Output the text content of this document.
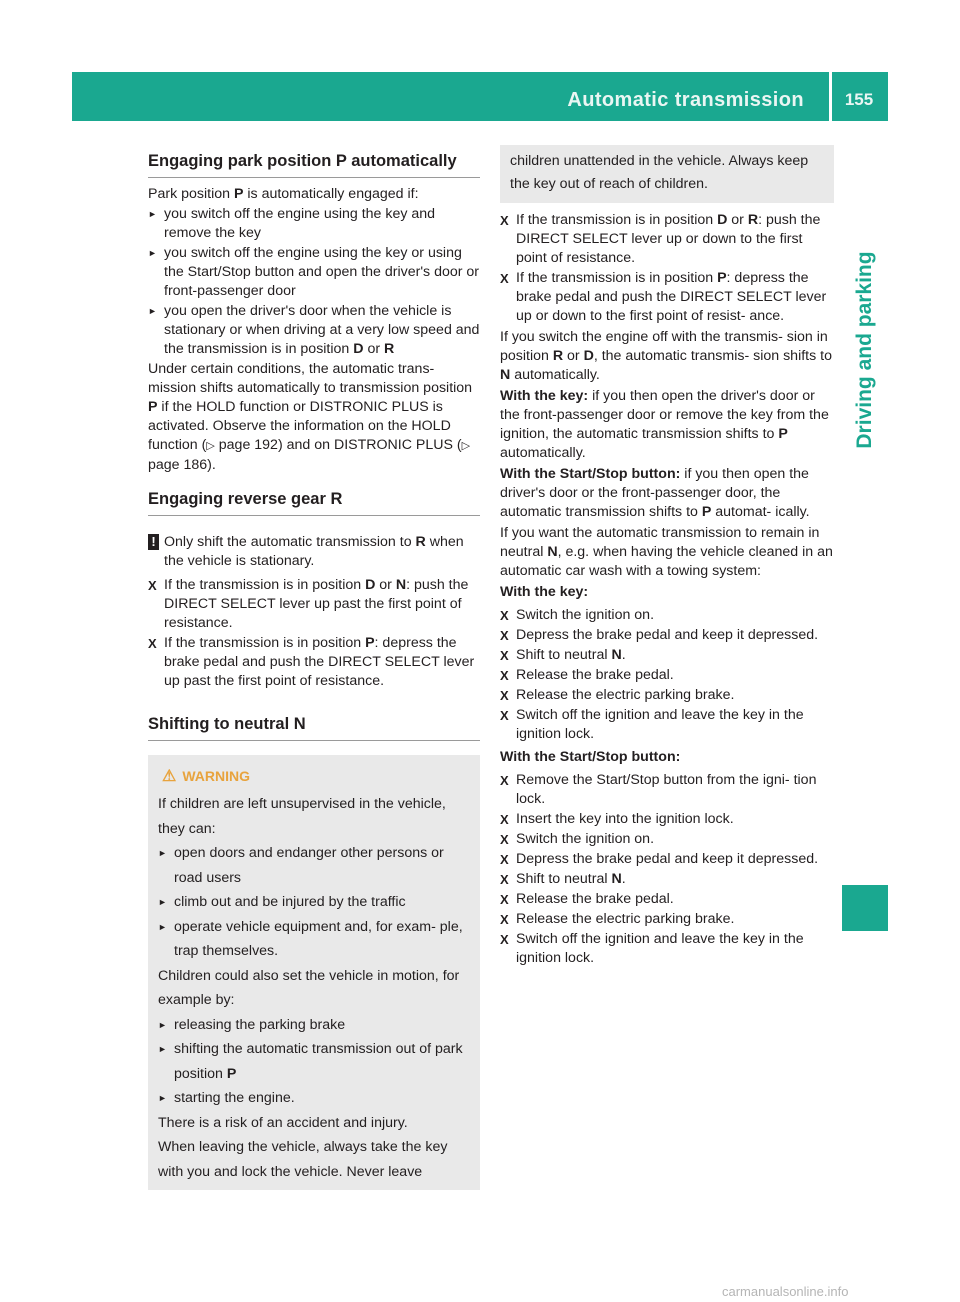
Automatic transmission	155
Driving and parking
Engaging park position P automatically
Park position P is automatically engaged if:
► you switch off the engine using the key and remove the key
► you switch off the engine using the key or using the Start/Stop button and open the driver's door or front-passenger door
► you open the driver's door when the vehicle is stationary or when driving at a very low speed and the transmission is in position D or R
Under certain conditions, the automatic trans- mission shifts automatically to transmission position P if the HOLD function or DISTRONIC PLUS is activated. Observe the information on the HOLD function (▷ page 192) and on DISTRONIC PLUS (▷ page 186).
Engaging reverse gear R
! Only shift the automatic transmission to R when the vehicle is stationary.
X If the transmission is in position D or N: push the DIRECT SELECT lever up past the first point of resistance.
X If the transmission is in position P: depress the brake pedal and push the DIRECT SELECT lever up past the first point of resistance.
Shifting to neutral N
⚠ WARNING
If children are left unsupervised in the vehicle, they can:
► open doors and endanger other persons or road users
► climb out and be injured by the traffic
► operate vehicle equipment and, for exam- ple, trap themselves.
Children could also set the vehicle in motion, for example by:
► releasing the parking brake
► shifting the automatic transmission out of park position P
► starting the engine.
There is a risk of an accident and injury.
When leaving the vehicle, always take the key with you and lock the vehicle. Never leave
children unattended in the vehicle. Always keep the key out of reach of children.
X If the transmission is in position D or R: push the DIRECT SELECT lever up or down to the first point of resistance.
X If the transmission is in position P: depress the brake pedal and push the DIRECT SELECT lever up or down to the first point of resist- ance.
If you switch the engine off with the transmis- sion in position R or D, the automatic transmis- sion shifts to N automatically.
With the key: if you then open the driver's door or the front-passenger door or remove the key from the ignition, the automatic transmission shifts to P automatically.
With the Start/Stop button: if you then open the driver's door or the front-passenger door, the automatic transmission shifts to P automat- ically.
If you want the automatic transmission to remain in neutral N, e.g. when having the vehicle cleaned in an automatic car wash with a towing system:
With the key:
X Switch the ignition on.
X Depress the brake pedal and keep it depressed.
X Shift to neutral N.
X Release the brake pedal.
X Release the electric parking brake.
X Switch off the ignition and leave the key in the ignition lock.
With the Start/Stop button:
X Remove the Start/Stop button from the igni- tion lock.
X Insert the key into the ignition lock.
X Switch the ignition on.
X Depress the brake pedal and keep it depressed.
X Shift to neutral N.
X Release the brake pedal.
X Release the electric parking brake.
X Switch off the ignition and leave the key in the ignition lock.
carmanualsonline.info
